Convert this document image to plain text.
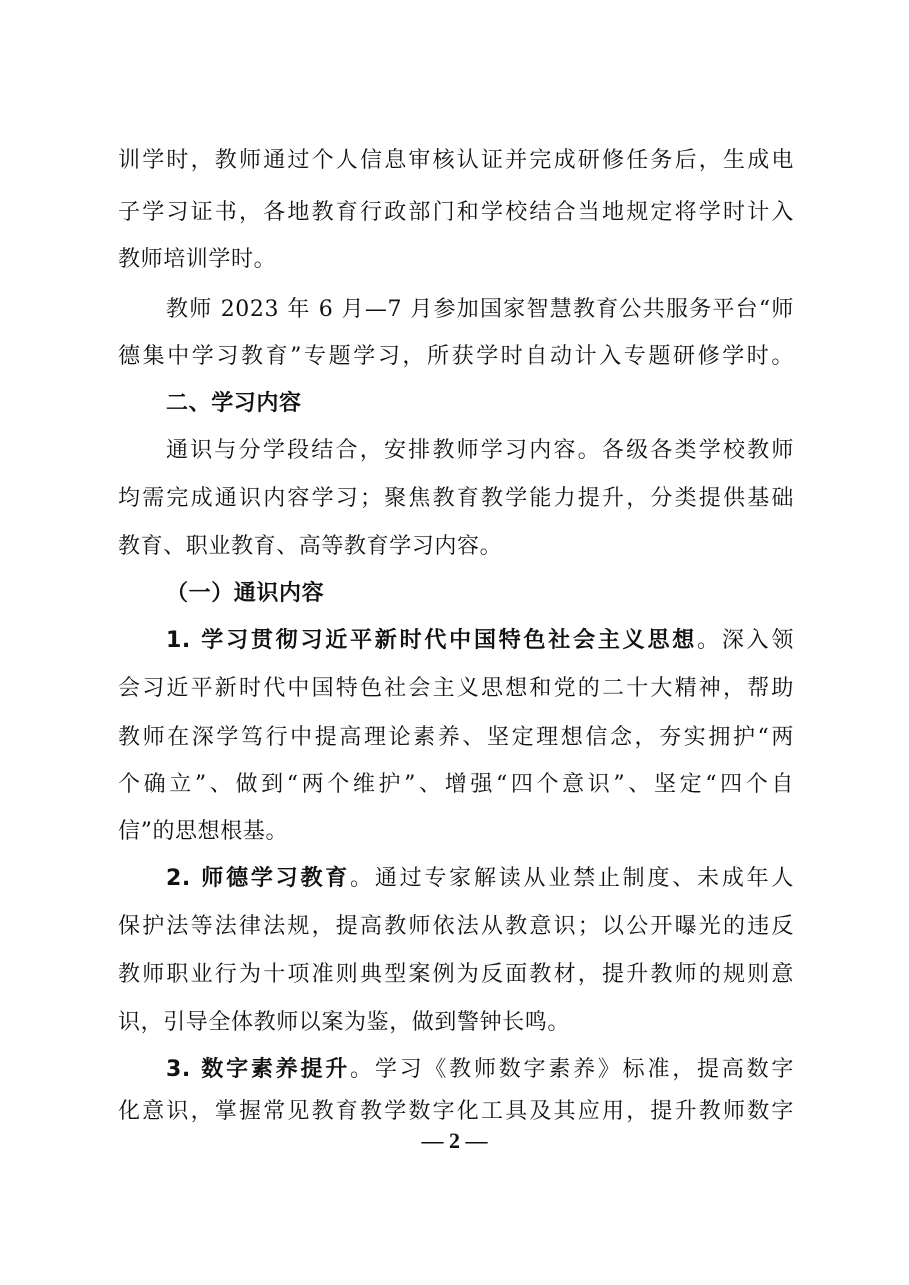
训学时，教师通过个人信息审核认证并完成研修任务后，生成电
子学习证书，各地教育行政部门和学校结合当地规定将学时计入
教师培训学时。
教师 2023 年 6 月—7 月参加国家智慧教育公共服务平台“师
德集中学习教育”专题学习，所获学时自动计入专题研修学时。
二、学习内容
通识与分学段结合，安排教师学习内容。各级各类学校教师
均需完成通识内容学习；聚焦教育教学能力提升，分类提供基础
教育、职业教育、高等教育学习内容。
（一）通识内容
1. 学习贯彻习近平新时代中国特色社会主义思想。深入领
会习近平新时代中国特色社会主义思想和党的二十大精神，帮助
教师在深学笃行中提高理论素养、坚定理想信念，夯实拥护“两
个确立”、做到“两个维护”、增强“四个意识”、坚定“四个自
信”的思想根基。
2. 师德学习教育。通过专家解读从业禁止制度、未成年人
保护法等法律法规，提高教师依法从教意识；以公开曝光的违反
教师职业行为十项准则典型案例为反面教材，提升教师的规则意
识，引导全体教师以案为鉴，做到警钟长鸣。
3. 数字素养提升。学习《教师数字素养》标准，提高数字
化意识，掌握常见教育教学数字化工具及其应用，提升教师数字
— 2 —
